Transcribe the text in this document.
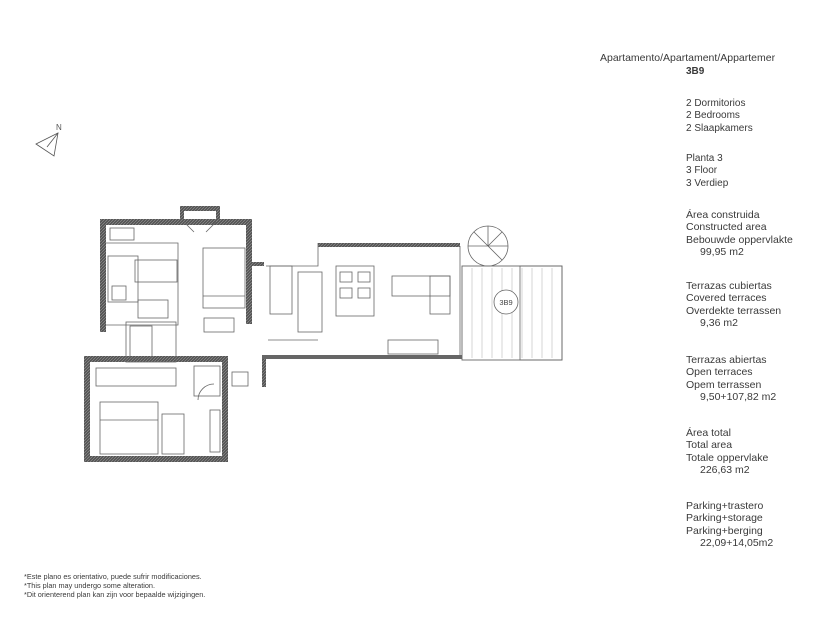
N
3B9
Apartamento/Apartament/Appartemer
3B9
2 Dormitorios
2 Bedrooms
2 Slaapkamers
Planta 3
3 Floor
3 Verdiep
Área construida
Constructed area
Bebouwde oppervlakte
99,95 m2
Terrazas cubiertas
Covered terraces
Overdekte terrassen
9,36 m2
Terrazas abiertas
Open terraces
Opem terrassen
9,50+107,82 m2
Área total
Total area
Totale oppervlake
226,63 m2
Parking+trastero
Parking+storage
Parking+berging
22,09+14,05m2
*Este plano es orientativo, puede sufrir modificaciones.
*This plan may undergo some alteration.
*Dit orienterend plan kan zijn voor bepaalde wijzigingen.
